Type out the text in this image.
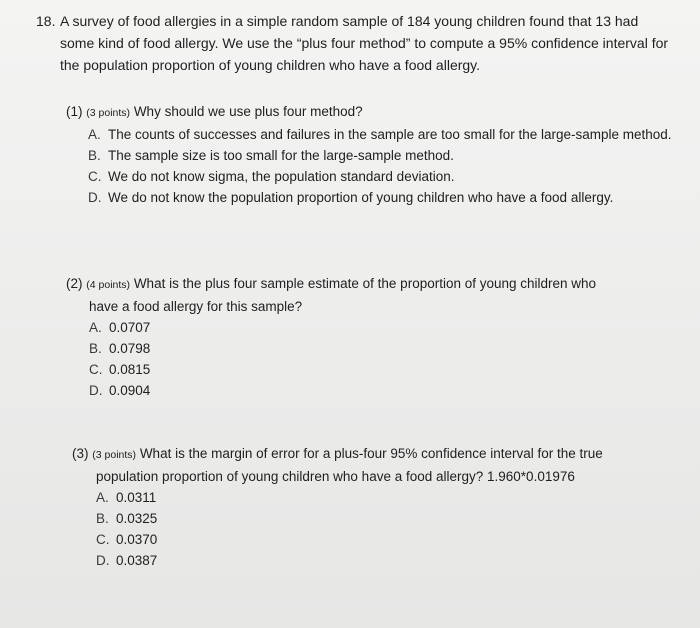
18. A survey of food allergies in a simple random sample of 184 young children found that 13 had some kind of food allergy. We use the “plus four method” to compute a 95% confidence interval for the population proportion of young children who have a food allergy.
(1) (3 points) Why should we use plus four method?
A. The counts of successes and failures in the sample are too small for the large-sample method.
B. The sample size is too small for the large-sample method.
C. We do not know sigma, the population standard deviation.
D. We do not know the population proportion of young children who have a food allergy.
(2) (4 points) What is the plus four sample estimate of the proportion of young children who
have a food allergy for this sample?
A. 0.0707
B. 0.0798
C. 0.0815
D. 0.0904
(3) (3 points) What is the margin of error for a plus-four 95% confidence interval for the true
population proportion of young children who have a food allergy? 1.960*0.01976
A. 0.0311
B. 0.0325
C. 0.0370
D. 0.0387
